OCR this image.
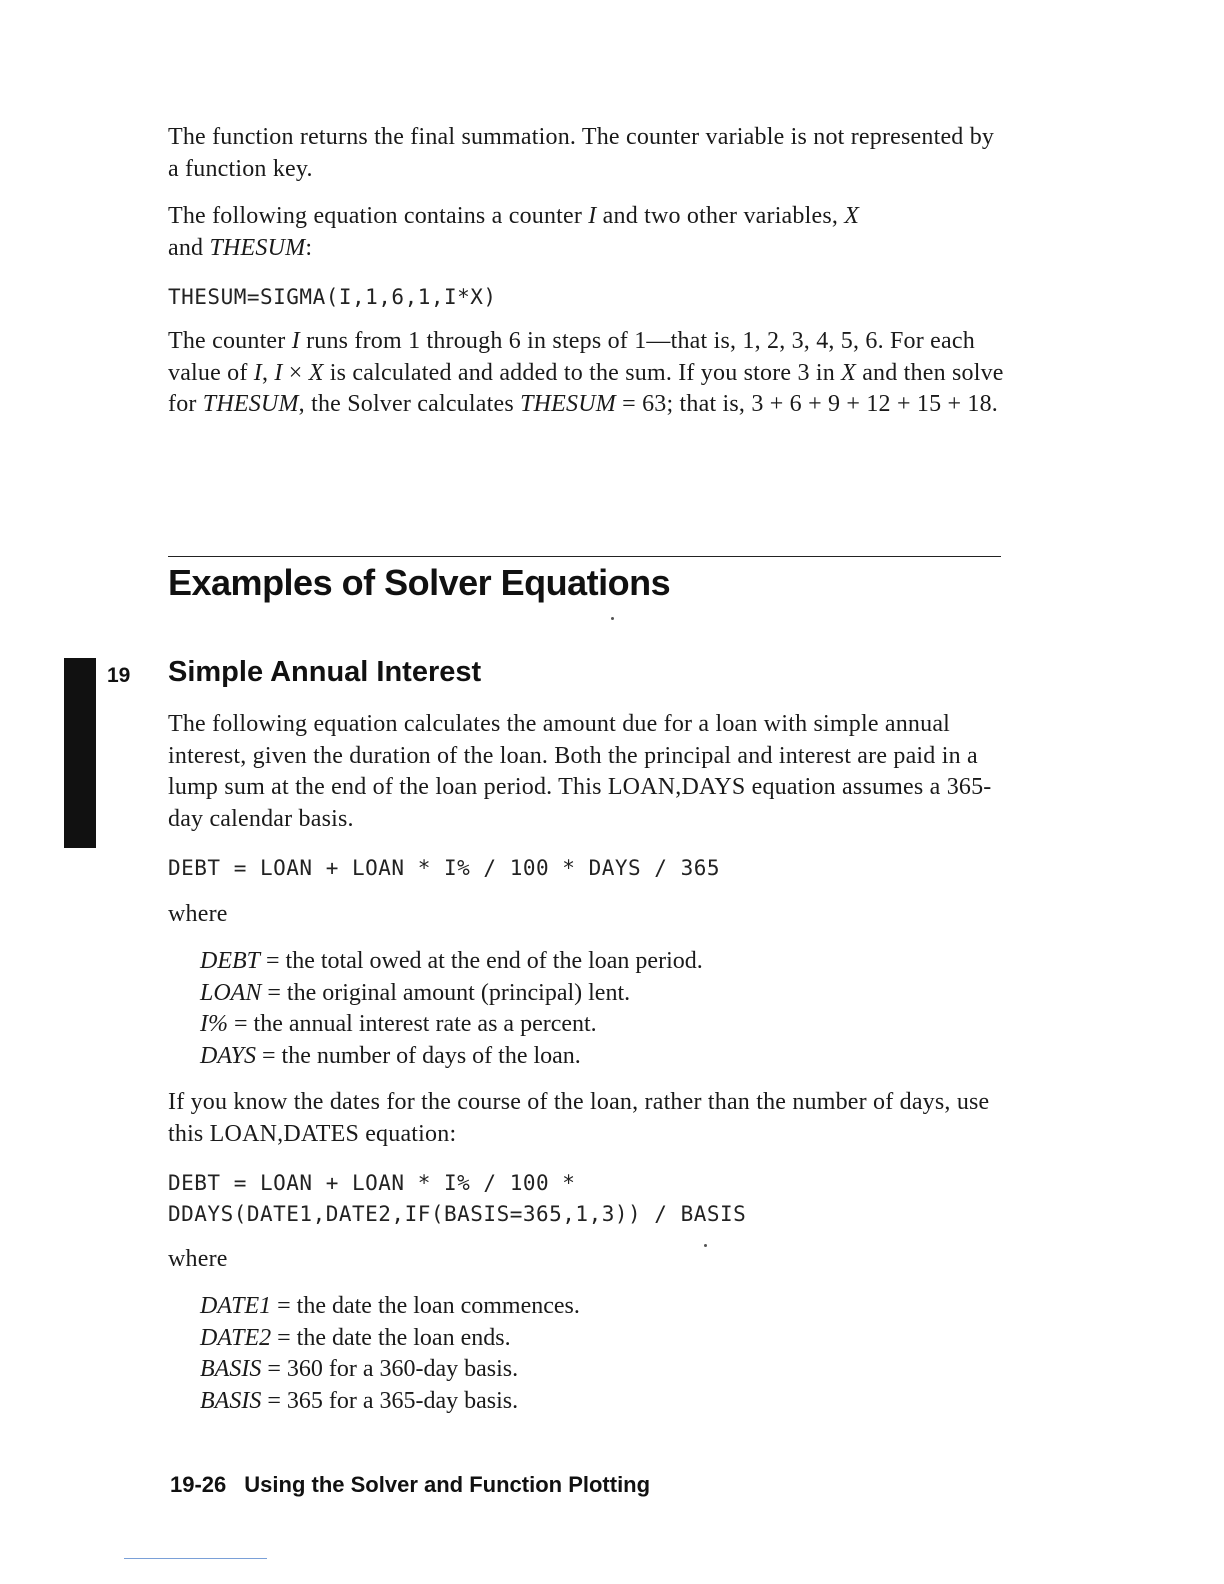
The function returns the final summation. The counter variable is not represented by a function key.
The following equation contains a counter I and two other variables, X
and THESUM:
THESUM=SIGMA(I,1,6,1,I*X)
The counter I runs from 1 through 6 in steps of 1—that is, 1, 2, 3, 4, 5, 6. For each value of I, I × X is calculated and added to the sum. If you store 3 in X and then solve for THESUM, the Solver calculates THESUM = 63; that is, 3 + 6 + 9 + 12 + 15 + 18.
Examples of Solver Equations
19 Simple Annual Interest
The following equation calculates the amount due for a loan with simple annual interest, given the duration of the loan. Both the principal and interest are paid in a lump sum at the end of the loan period. This LOAN,DAYS equation assumes a 365-day calendar basis.
DEBT = LOAN + LOAN * I% / 100 * DAYS / 365
where
DEBT = the total owed at the end of the loan period.
LOAN = the original amount (principal) lent.
I% = the annual interest rate as a percent.
DAYS = the number of days of the loan.
If you know the dates for the course of the loan, rather than the number of days, use this LOAN,DATES equation:
DEBT = LOAN + LOAN * I% / 100 *
DDAYS(DATE1,DATE2,IF(BASIS=365,1,3)) / BASIS
where
DATE1 = the date the loan commences.
DATE2 = the date the loan ends.
BASIS = 360 for a 360-day basis.
BASIS = 365 for a 365-day basis.
19-26 Using the Solver and Function Plotting
